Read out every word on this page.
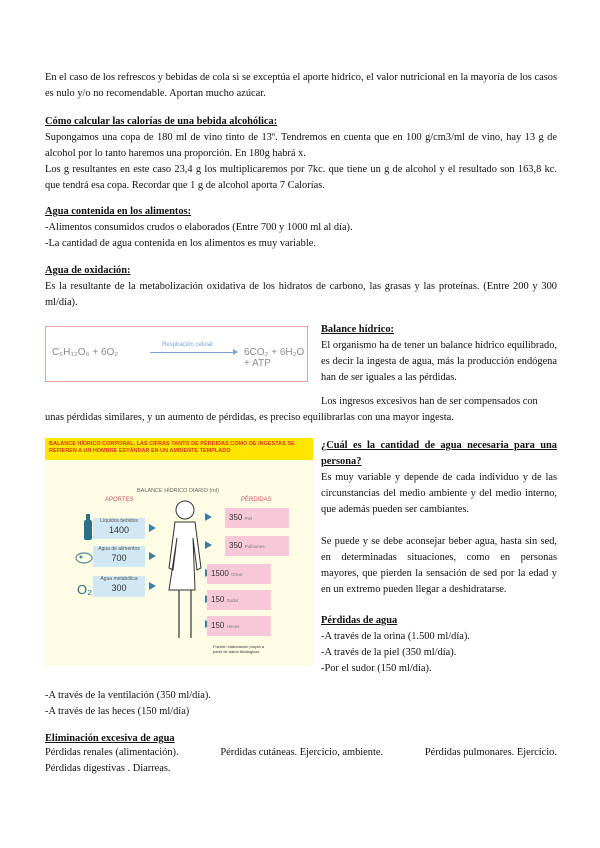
En el caso de los refrescos y bebidas de cola si se exceptúa el aporte hídrico, el valor nutricional en la mayoría de los casos es nulo y/o no recomendable. Aportan mucho azúcar.

Cómo calcular las calorías de una bebida alcohólica:

Supongamos una copa de 180 ml de vino tinto de 13º. Tendremos en cuenta que en 100 g/cm3/ml de vino, hay 13 g de alcohol por lo tanto haremos una proporción. En 180g habrá x.

Los g resultantes en este caso 23,4 g los multiplicaremos por 7kc. que tiene un g de alcohol y el resultado son 163,8 kc. que tendrá esa copa. Recordar que 1 g de alcohol aporta 7 Calorías.

Agua contenida en los alimentos:

-Alimentos consumidos crudos o elaborados (Entre 700 y 1000 ml al día).

-La cantidad de agua contenida en los alimentos es muy variable.

Agua de oxidación:

Es la resultante de la metabolización oxidativa de los hidratos de carbono, las grasas y las proteínas. (Entre 200 y 300 ml/día).

Respiración celular
C₆H₁₂O₆ + 6O₂	6CO₂ + 6H₂O + ATP

Balance hídrico:

El organismo ha de tener un balance hídrico equilibrado, es decir la ingesta de agua, más la producción endógena han de ser iguales a las pérdidas.

Los ingresos excesivos han de ser compensados con

unas pérdidas similares, y un aumento de pérdidas, es preciso equilibrarlas con una mayor ingesta.

BALANCE HÍDRICO CORPORAL. LAS CIFRAS TANTO DE PÉRDIDAS COMO DE INGESTAS SE REFIEREN A UN HOMBRE ESTÁNDAR EN UN AMBIENTE TEMPLADO
BALANCE HÍDRICO DIARIO (ml)
APORTES	PÉRDIDAS
Líquidos bebidos
1400
Agua de alimentos
700
O₂
Agua metabólica
300
350 Piel
350 Pulmones
1500 Orina
150 Sudor
150 Heces
Fuente: elaboración propia a partir de datos fisiológicos

¿Cuál es la cantidad de agua necesaria para una persona?

Es muy variable y depende de cada individuo y de las circunstancias del medio ambiente y del medio interno, que además pueden ser cambiantes.

Se puede y se debe aconsejar beber agua, hasta sin sed, en determinadas situaciones, como en personas mayores, que pierden la sensación de sed por la edad y en un extremo pueden llegar a deshidratarse.

Pérdidas de agua

-A través de la orina (1.500 ml/día).

-A través de la piel (350 ml/día).

-Por el sudor (150 ml/día).

-A través de la ventilación (350 ml/día).

-A través de las heces (150 ml/día)

Eliminación excesiva de agua

Pérdidas renales (alimentación).	Pérdidas cutáneas. Ejercicio, ambiente.	Pérdidas pulmonares. Ejercicio.

Pérdidas digestivas . Diarreas.
